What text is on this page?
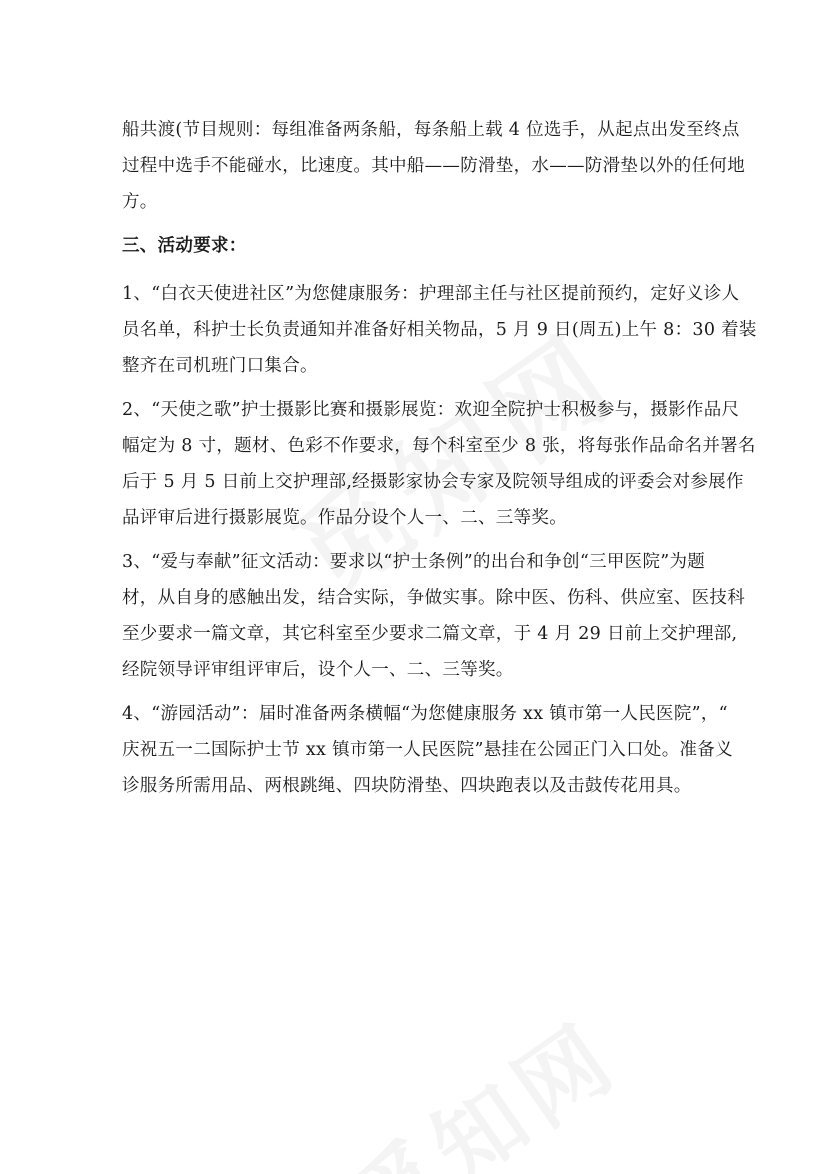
船共渡(节目规则：每组准备两条船，每条船上载 4 位选手，从起点出发至终点
过程中选手不能碰水，比速度。其中船——防滑垫，水——防滑垫以外的任何地
方。

三、活动要求：

1、“白衣天使进社区”为您健康服务：护理部主任与社区提前预约，定好义诊人
员名单，科护士长负责通知并准备好相关物品，5 月 9 日(周五)上午 8：30 着装
整齐在司机班门口集合。

2、“天使之歌”护士摄影比赛和摄影展览：欢迎全院护士积极参与，摄影作品尺
幅定为 8 寸，题材、色彩不作要求，每个科室至少 8 张，将每张作品命名并署名
后于 5 月 5 日前上交护理部,经摄影家协会专家及院领导组成的评委会对参展作
品评审后进行摄影展览。作品分设个人一、二、三等奖。

3、“爱与奉献”征文活动：要求以“护士条例”的出台和争创“三甲医院”为题
材，从自身的感触出发，结合实际，争做实事。除中医、伤科、供应室、医技科
至少要求一篇文章，其它科室至少要求二篇文章，于 4 月 29 日前上交护理部,
经院领导评审组评审后，设个人一、二、三等奖。

4、“游园活动”：届时准备两条横幅“为您健康服务 xx 镇市第一人民医院”，“
庆祝五一二国际护士节 xx 镇市第一人民医院”悬挂在公园正门入口处。准备义
诊服务所需用品、两根跳绳、四块防滑垫、四块跑表以及击鼓传花用具。
